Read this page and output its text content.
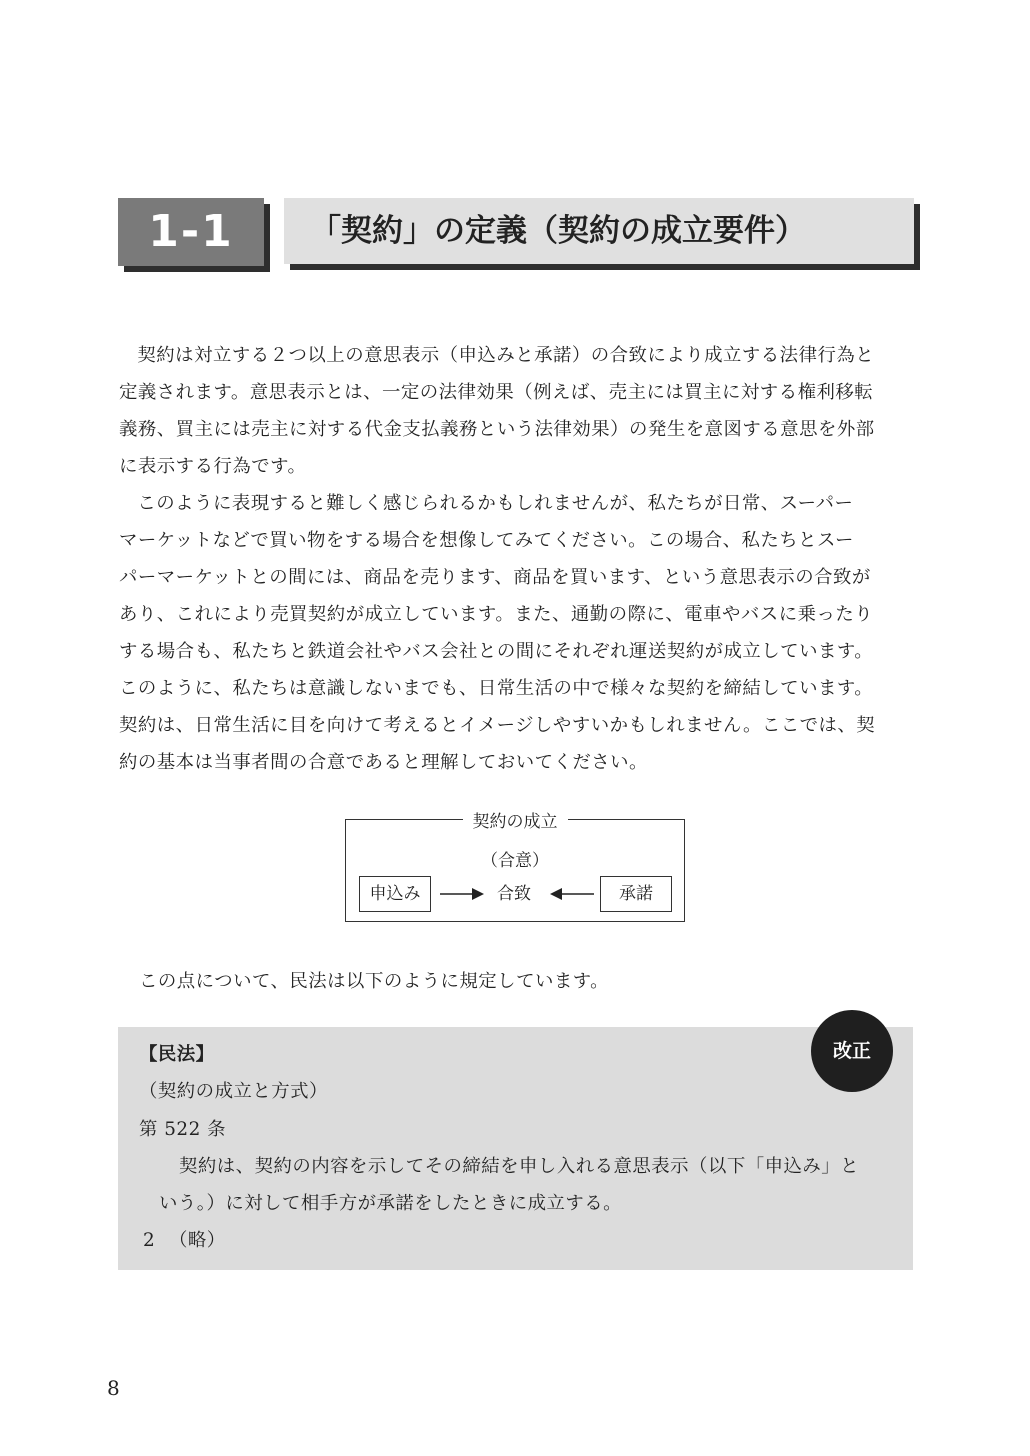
1-1	「契約」の定義（契約の成立要件）

契約は対立する２つ以上の意思表示（申込みと承諾）の合致により成立する法律行為と

定義されます。意思表示とは、一定の法律効果（例えば、売主には買主に対する権利移転

義務、買主には売主に対する代金支払義務という法律効果）の発生を意図する意思を外部

に表示する行為です。

このように表現すると難しく感じられるかもしれませんが、私たちが日常、スーパー

マーケットなどで買い物をする場合を想像してみてください。この場合、私たちとスー

パーマーケットとの間には、商品を売ります、商品を買います、という意思表示の合致が

あり、これにより売買契約が成立しています。また、通勤の際に、電車やバスに乗ったり

する場合も、私たちと鉄道会社やバス会社との間にそれぞれ運送契約が成立しています。

このように、私たちは意識しないまでも、日常生活の中で様々な契約を締結しています。

契約は、日常生活に目を向けて考えるとイメージしやすいかもしれません。ここでは、契

約の基本は当事者間の合意であると理解しておいてください。

契約の成立
（合意）
申込み	合致	承諾
この点について、民法は以下のように規定しています。
改正
【民法】
（契約の成立と方式）
第 522 条
契約は、契約の内容を示してその締結を申し入れる意思表示（以下「申込み」と
いう。）に対して相手方が承諾をしたときに成立する。
2 （略）
8
